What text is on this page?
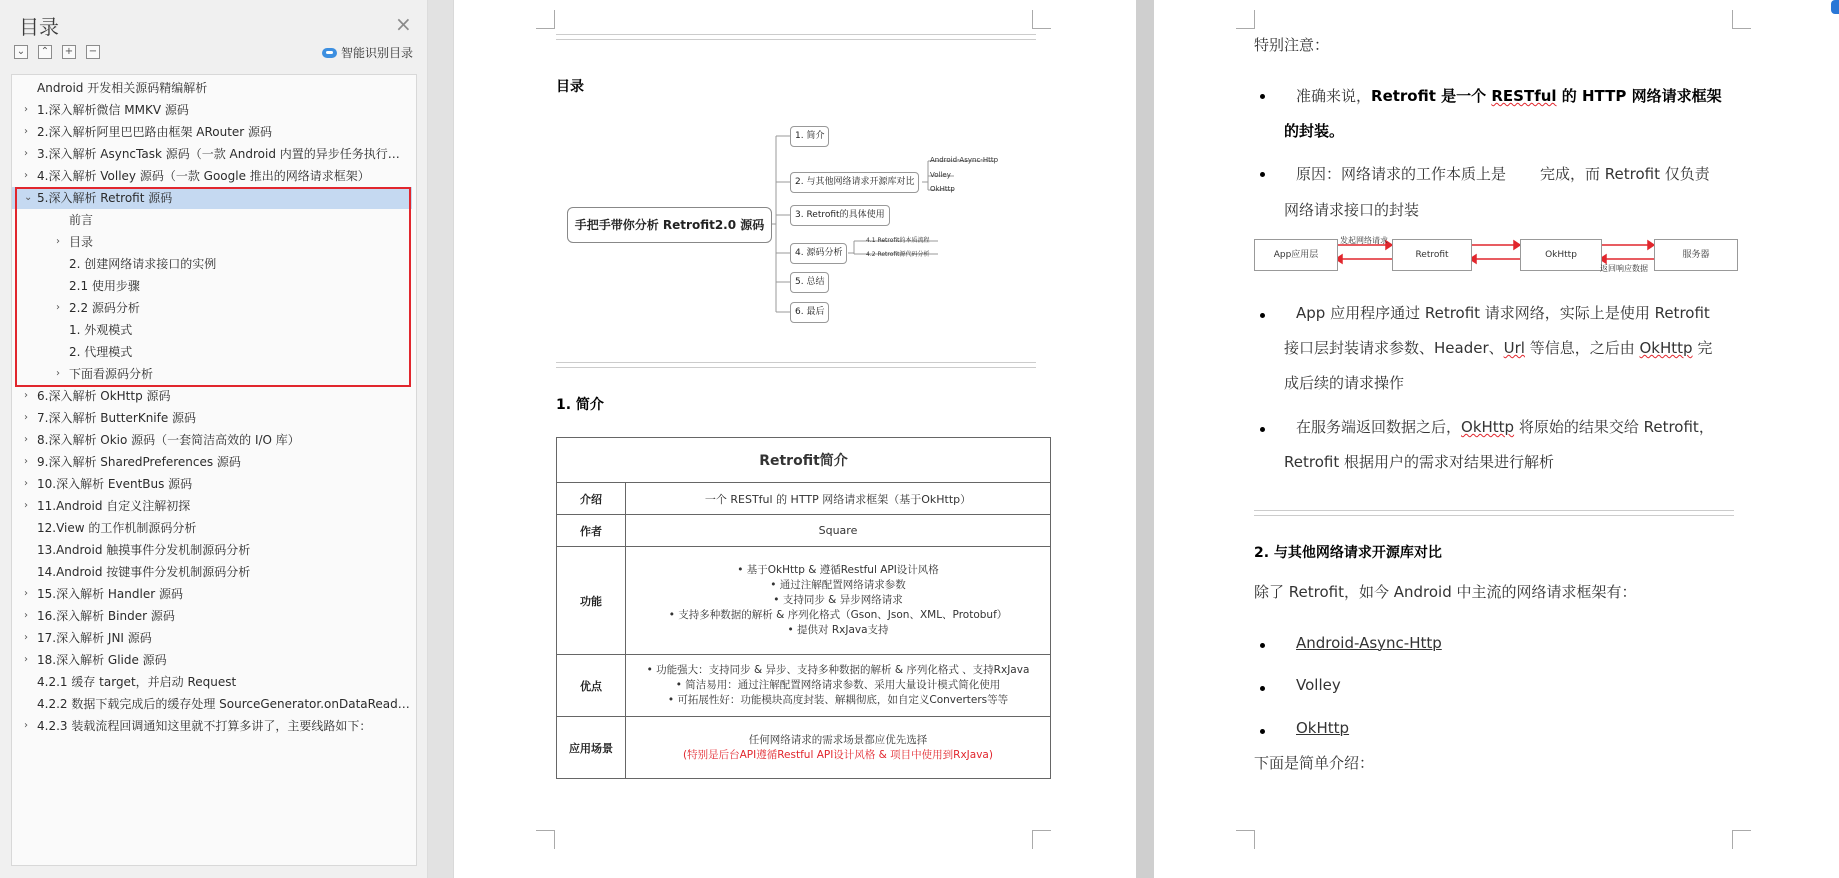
目录	×
⌄ ⌃ + −	智能识别目录
Android 开发相关源码精编解析
› 1.深入解析微信 MMKV 源码
› 2.深入解析阿里巴巴路由框架 ARouter 源码
› 3.深入解析 AsyncTask 源码（一款 Android 内置的异步任务执行…
› 4.深入解析 Volley 源码（一款 Google 推出的网络请求框架）
⌄ 5.深入解析 Retrofit 源码
前言
› 目录
2. 创建网络请求接口的实例
2.1 使用步骤
› 2.2 源码分析
1. 外观模式
2. 代理模式
› 下面看源码分析
› 6.深入解析 OkHttp 源码
› 7.深入解析 ButterKnife 源码
› 8.深入解析 Okio 源码（一套简洁高效的 I/O 库）
› 9.深入解析 SharedPreferences 源码
› 10.深入解析 EventBus 源码
› 11.Android 自定义注解初探
12.View 的工作机制源码分析
13.Android 触摸事件分发机制源码分析
14.Android 按键事件分发机制源码分析
› 15.深入解析 Handler 源码
› 16.深入解析 Binder 源码
› 17.深入解析 JNI 源码
› 18.深入解析 Glide 源码
4.2.1 缓存 target，并启动 Request
4.2.2 数据下载完成后的缓存处理 SourceGenerator.onDataRead…
› 4.2.3 装载流程回调通知这里就不打算多讲了，主要线路如下：
目录
手把手带你分析 Retrofit2.0 源码
1. 简介
2. 与其他网络请求开源库对比
3. Retrofit的具体使用
4. 源码分析
5. 总结
6. 最后
Android-Async-Http
Volley
OkHttp
4.1 Retrofit的本质流程
4.2 Retrofit源代码分析
1. 简介
Retrofit简介	
介绍	一个 RESTful 的 HTTP 网络请求框架（基于OkHttp）
作者	Square
功能	• 基于OkHttp & 遵循Restful API设计风格
• 通过注解配置网络请求参数
• 支持同步 & 异步网络请求
• 支持多种数据的解析 & 序列化格式（Gson、Json、XML、Protobuf）
• 提供对 RxJava支持

优点	• 功能强大：支持同步 & 异步、支持多种数据的解析 & 序列化格式 、支持RxJava
• 简洁易用：通过注解配置网络请求参数、采用大量设计模式简化使用
• 可拓展性好：功能模块高度封装、解耦彻底，如自定义Converters等等

应用场景	任何网络请求的需求场景都应优先选择
(特别是后台API遵循Restful API设计风格 & 项目中使用到RxJava)
特别注意：
准确来说，Retrofit 是一个 RESTful 的 HTTP 网络请求框架
的封装。
原因：网络请求的工作本质上是 完成，而 Retrofit 仅负责
网络请求接口的封装
App应用层	Retrofit	OkHttp	服务器
发起网络请求
返回响应数据
App 应用程序通过 Retrofit 请求网络，实际上是使用 Retrofit
接口层封装请求参数、Header、Url 等信息，之后由 OkHttp 完
成后续的请求操作
在服务端返回数据之后，OkHttp 将原始的结果交给 Retrofit，
Retrofit 根据用户的需求对结果进行解析
2. 与其他网络请求开源库对比
除了 Retrofit，如今 Android 中主流的网络请求框架有：
Android-Async-Http
Volley
OkHttp
下面是简单介绍：
